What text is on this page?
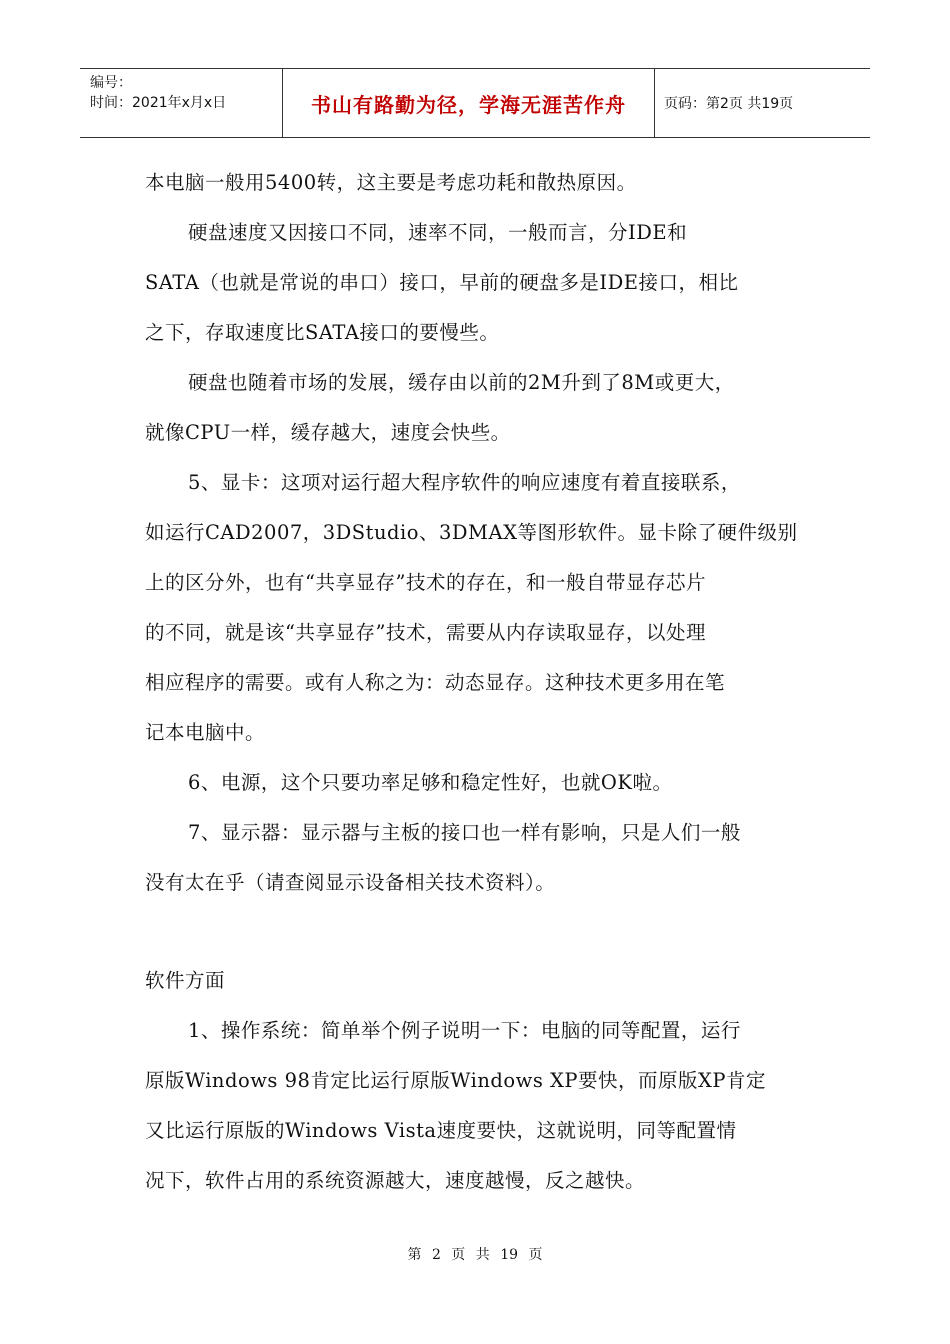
编号：
时间：2021年x月x日	书山有路勤为径，学海无涯苦作舟	页码：第2页 共19页

本电脑一般用5400转，这主要是考虑功耗和散热原因。

硬盘速度又因接口不同，速率不同，一般而言，分IDE和

SATA（也就是常说的串口）接口，早前的硬盘多是IDE接口，相比

之下，存取速度比SATA接口的要慢些。

硬盘也随着市场的发展，缓存由以前的2M升到了8M或更大，

就像CPU一样，缓存越大，速度会快些。

5、显卡：这项对运行超大程序软件的响应速度有着直接联系，

如运行CAD2007，3DStudio、3DMAX等图形软件。显卡除了硬件级别

上的区分外，也有“共享显存”技术的存在，和一般自带显存芯片

的不同，就是该“共享显存”技术，需要从内存读取显存，以处理

相应程序的需要。或有人称之为：动态显存。这种技术更多用在笔

记本电脑中。

6、电源，这个只要功率足够和稳定性好，也就OK啦。

7、显示器：显示器与主板的接口也一样有影响，只是人们一般

没有太在乎（请查阅显示设备相关技术资料）。

软件方面

1、操作系统：简单举个例子说明一下：电脑的同等配置，运行

原版Windows 98肯定比运行原版Windows XP要快，而原版XP肯定

又比运行原版的Windows Vista速度要快，这就说明，同等配置情

况下，软件占用的系统资源越大，速度越慢，反之越快。

第 2 页 共 19 页
